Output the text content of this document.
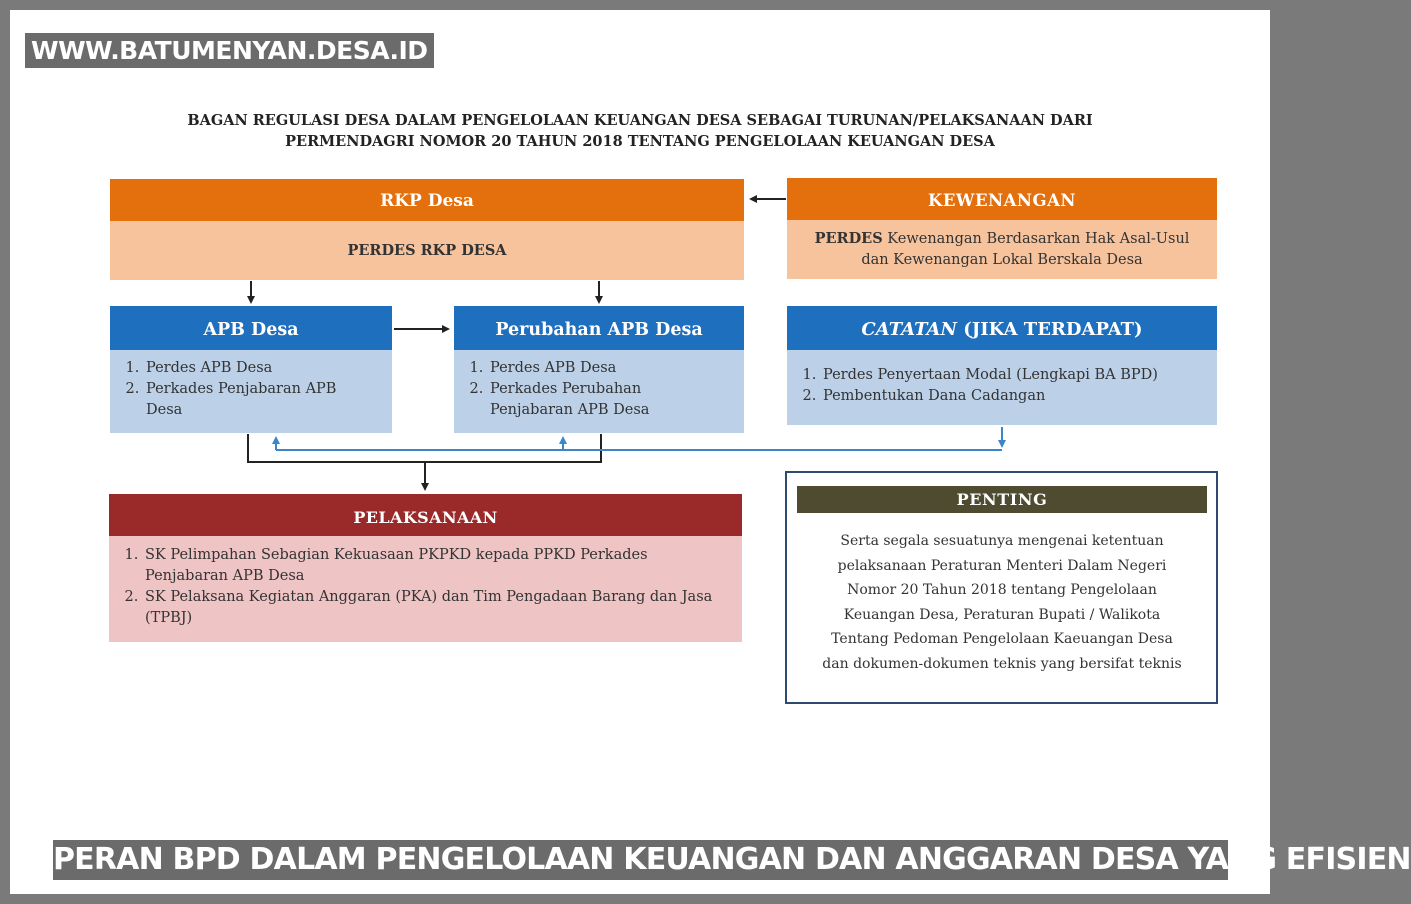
WWW.BATUMENYAN.DESA.ID
BAGAN REGULASI DESA DALAM PENGELOLAAN KEUANGAN DESA SEBAGAI TURUNAN/PELAKSANAAN DARI
PERMENDAGRI NOMOR 20 TAHUN 2018 TENTANG PENGELOLAAN KEUANGAN DESA
RKP Desa
PERDES RKP DESA
KEWENANGAN
PERDES Kewenangan Berdasarkan Hak Asal-Usul
dan Kewenangan Lokal Berskala Desa
APB Desa
1. Perdes APB Desa
2. Perkades Penjabaran APB Desa
Perubahan APB Desa
1. Perdes APB Desa
2. Perkades Perubahan Penjabaran APB Desa
CATATAN (JIKA TERDAPAT)
1. Perdes Penyertaan Modal (Lengkapi BA BPD)
2. Pembentukan Dana Cadangan
PELAKSANAAN
1. SK Pelimpahan Sebagian Kekuasaan PKPKD kepada PPKD Perkades Penjabaran APB Desa
2. SK Pelaksana Kegiatan Anggaran (PKA) dan Tim Pengadaan Barang dan Jasa (TPBJ)
PENTING
Serta segala sesuatunya mengenai ketentuan
pelaksanaan Peraturan Menteri Dalam Negeri
Nomor 20 Tahun 2018 tentang Pengelolaan
Keuangan Desa, Peraturan Bupati / Walikota
Tentang Pedoman Pengelolaan Kaeuangan Desa
dan dokumen-dokumen teknis yang bersifat teknis
PERAN BPD DALAM PENGELOLAAN KEUANGAN DAN ANGGARAN DESA YANG EFISIEN
